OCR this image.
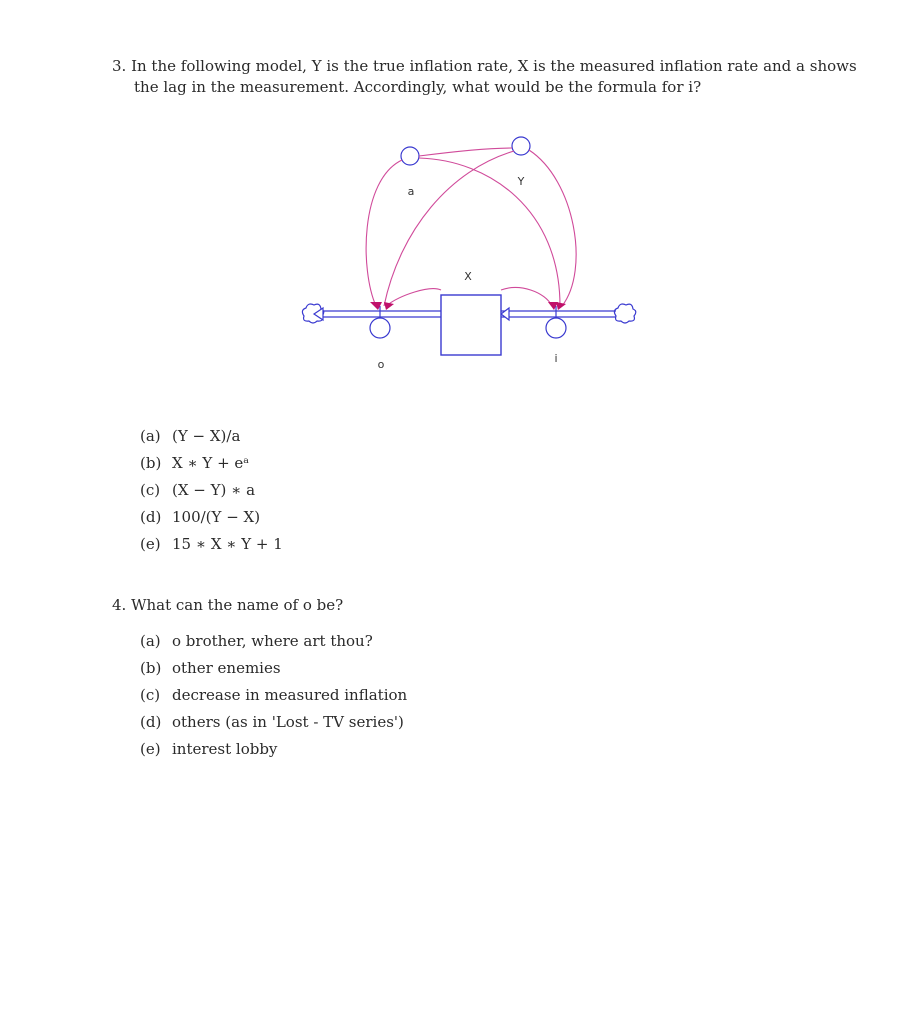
3. In the following model, Y is the true inflation rate, X is the measured inflation rate and a shows
the lag in the measurement. Accordingly, what would be the formula for i?
a
Y
X
o	i
(a) (Y − X)/a
(b) X ∗ Y + eᵃ
(c) (X − Y) ∗ a
(d) 100/(Y − X)
(e) 15 ∗ X ∗ Y + 1
4. What can the name of o be?
(a) o brother, where art thou?
(b) other enemies
(c) decrease in measured inflation
(d) others (as in 'Lost - TV series')
(e) interest lobby
